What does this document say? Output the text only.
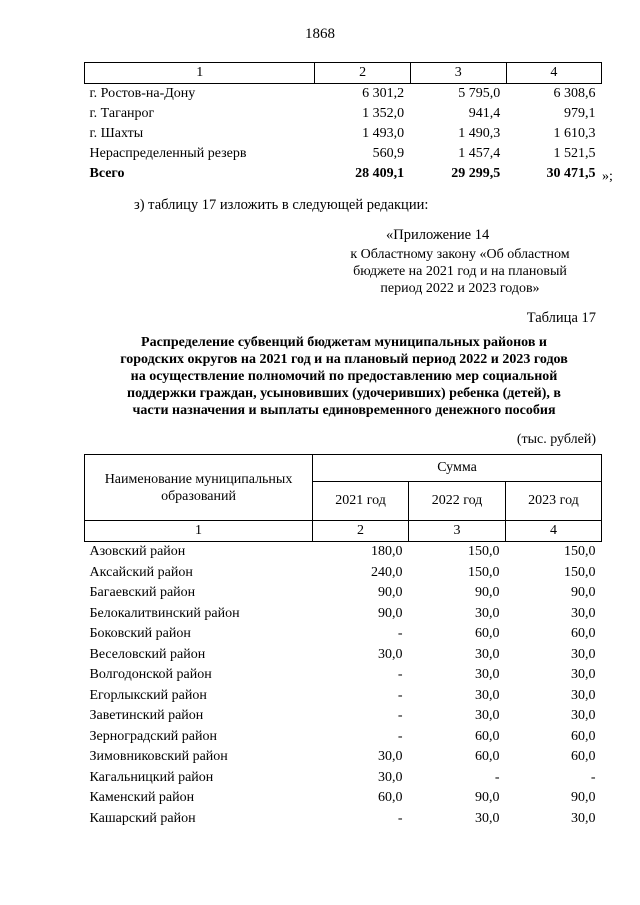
1868
1	2	3	4
г. Ростов-на-Дону	6 301,2	5 795,0	6 308,6
г. Таганрог	1 352,0	941,4	979,1
г. Шахты	1 493,0	1 490,3	1 610,3
Нераспределенный резерв	560,9	1 457,4	1 521,5
Всего	28 409,1	29 299,5	30 471,5 »;
з) таблицу 17 изложить в следующей редакции:
«Приложение 14
к Областному закону «Об областном
бюджете на 2021 год и на плановый
период 2022 и 2023 годов»
Таблица 17
Распределение субвенций бюджетам муниципальных районов и
городских округов на 2021 год и на плановый период 2022 и 2023 годов
на осуществление полномочий по предоставлению мер социальной
поддержки граждан, усыновивших (удочеривших) ребенка (детей), в
части назначения и выплаты единовременного денежного пособия
(тыс. рублей)
Наименование муниципальных
образований	Сумма		
	2021 год	2022 год	2023 год
1	2	3	4
Азовский район	180,0	150,0	150,0
Аксайский район	240,0	150,0	150,0
Багаевский район	90,0	90,0	90,0
Белокалитвинский район	90,0	30,0	30,0
Боковский район	-	60,0	60,0
Веселовский район	30,0	30,0	30,0
Волгодонской район	-	30,0	30,0
Егорлыкский район	-	30,0	30,0
Заветинский район	-	30,0	30,0
Зерноградский район	-	60,0	60,0
Зимовниковский район	30,0	60,0	60,0
Кагальницкий район	30,0	-	-
Каменский район	60,0	90,0	90,0
Кашарский район	-	30,0	30,0
